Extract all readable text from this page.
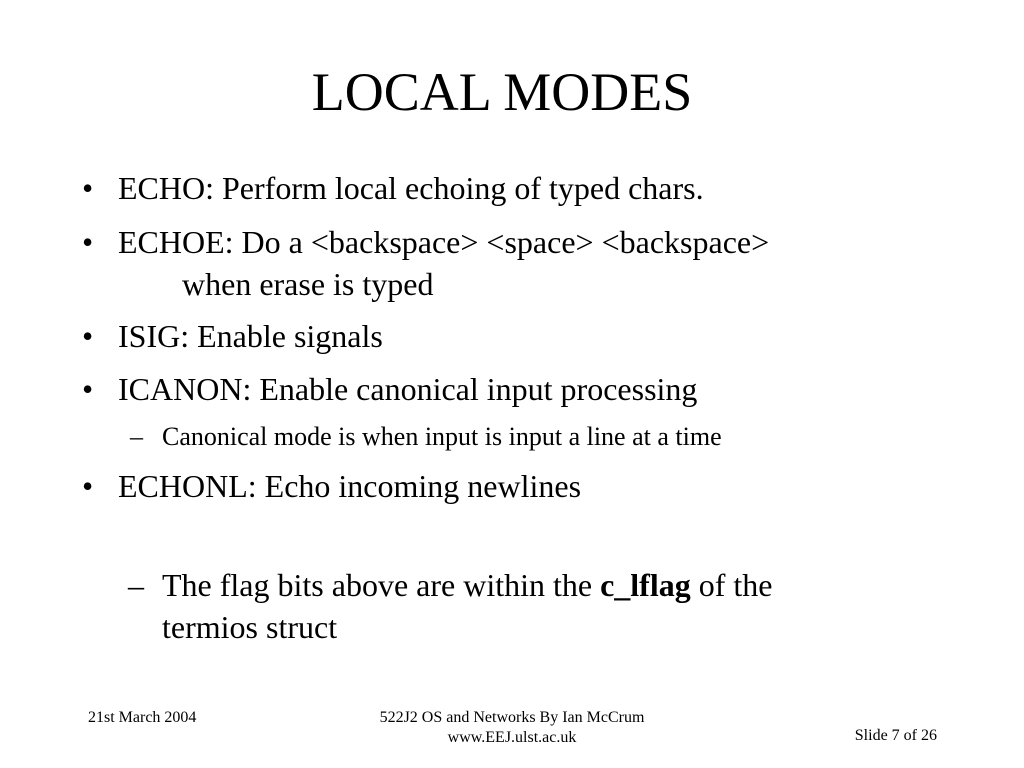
LOCAL MODES
• ECHO: Perform local echoing of typed chars.
• ECHOE: Do a <backspace> <space> <backspace>
when erase is typed
• ISIG: Enable signals
• ICANON: Enable canonical input processing
– Canonical mode is when input is input a line at a time
• ECHONL: Echo incoming newlines
– The flag bits above are within the c_lflag of the
termios struct
21st March 2004	522J2 OS and Networks By Ian McCrum
www.EEJ.ulst.ac.uk	Slide 7 of 26
